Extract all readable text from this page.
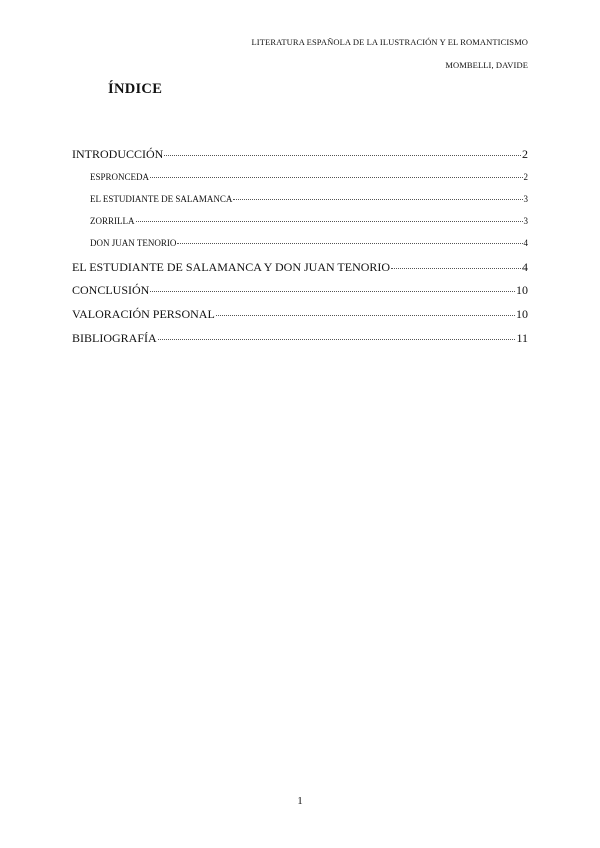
LITERATURA ESPAÑOLA DE LA ILUSTRACIÓN Y EL ROMANTICISMO
MOMBELLI, DAVIDE
ÍNDICE
INTRODUCCIÓN	2
ESPRONCEDA	2
EL ESTUDIANTE DE SALAMANCA	3
ZORRILLA	3
DON JUAN TENORIO	4
EL ESTUDIANTE DE SALAMANCA Y DON JUAN TENORIO	4
CONCLUSIÓN	10
VALORACIÓN PERSONAL	10
BIBLIOGRAFÍA	11
1
